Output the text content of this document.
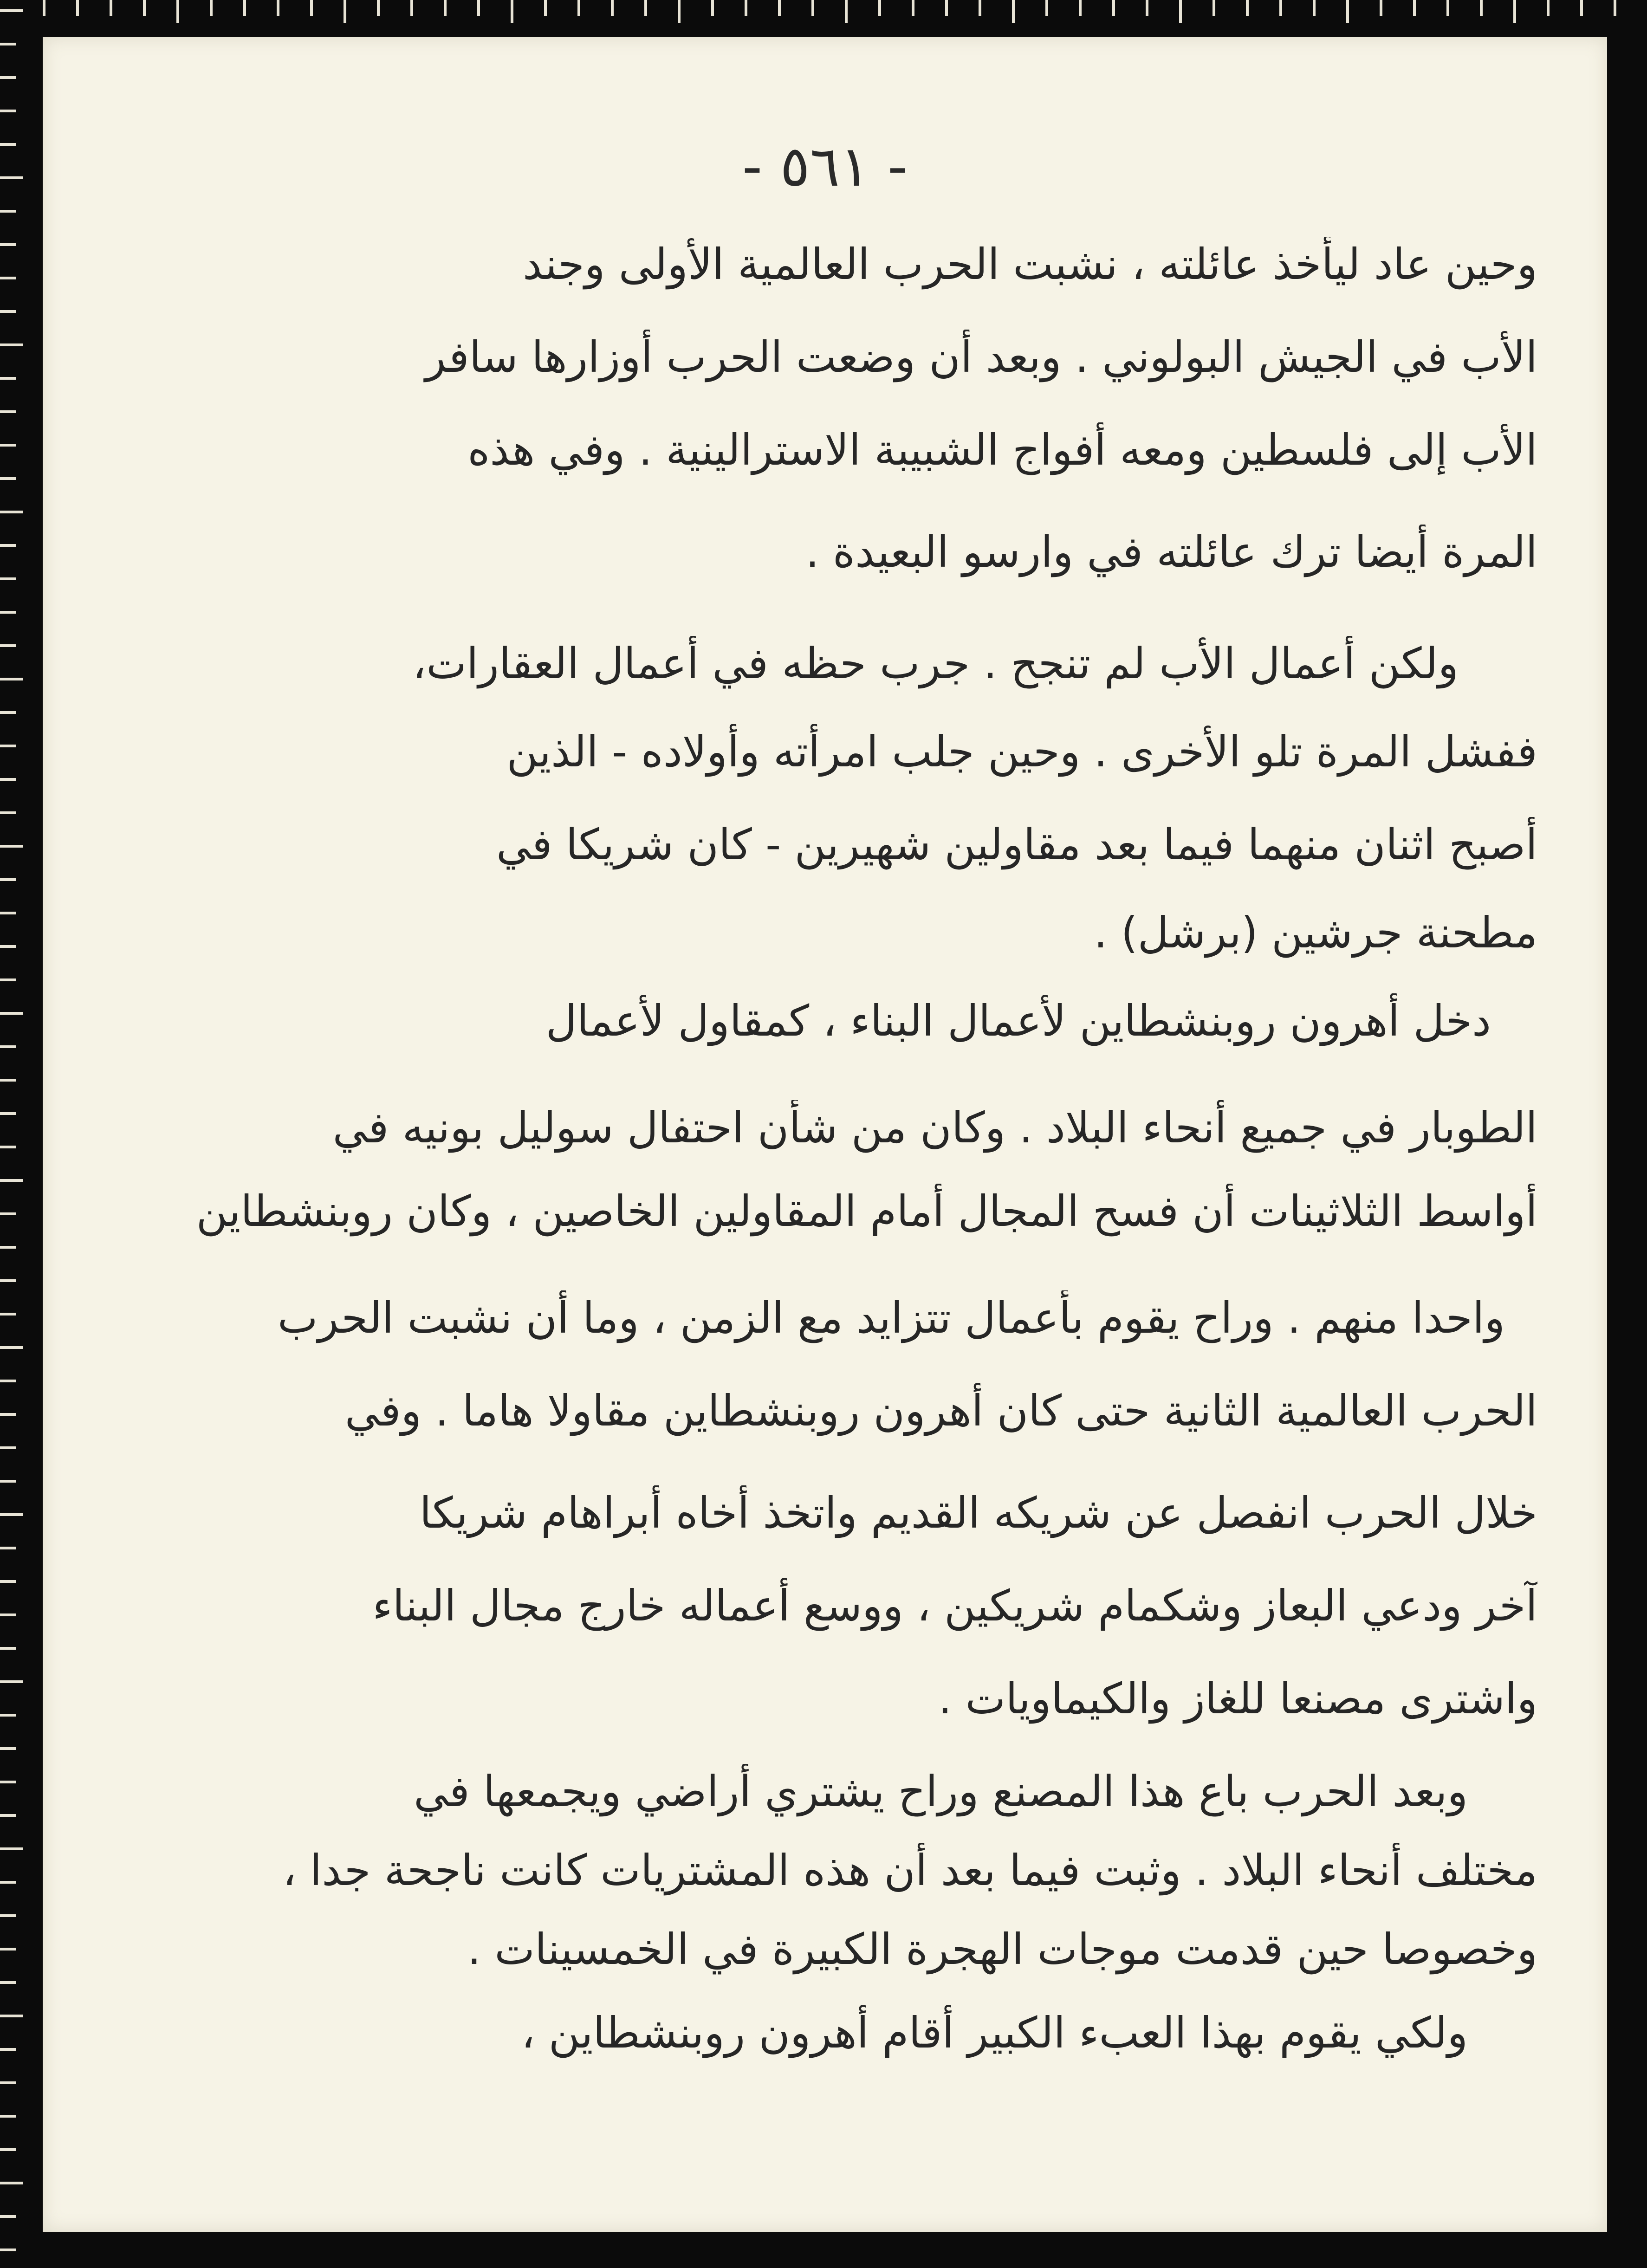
- ٥٦١ -
وحين عاد ليأخذ عائلته ، نشبت الحرب العالمية الأولى وجند
الأب في الجيش البولوني . وبعد أن وضعت الحرب أوزارها سافر
الأب إلى فلسطين ومعه أفواج الشبيبة الاسترالينية . وفي هذه
المرة أيضا ترك عائلته في وارسو البعيدة .
ولكن أعمال الأب لم تنجح . جرب حظه في أعمال العقارات،
ففشل المرة تلو الأخرى . وحين جلب امرأته وأولاده - الذين
أصبح اثنان منهما فيما بعد مقاولين شهيرين - كان شريكا في
مطحنة جرشين (برشل) .
دخل أهرون روبنشطاين لأعمال البناء ، كمقاول لأعمال
الطوبار في جميع أنحاء البلاد . وكان من شأن احتفال سوليل بونيه في
أواسط الثلاثينات أن فسح المجال أمام المقاولين الخاصين ، وكان روبنشطاين
واحدا منهم . وراح يقوم بأعمال تتزايد مع الزمن ، وما أن نشبت الحرب
الحرب العالمية الثانية حتى كان أهرون روبنشطاين مقاولا هاما . وفي
خلال الحرب انفصل عن شريكه القديم واتخذ أخاه أبراهام شريكا
آخر ودعي البعاز وشكمام شريكين ، ووسع أعماله خارج مجال البناء
واشترى مصنعا للغاز والكيماويات .
وبعد الحرب باع هذا المصنع وراح يشتري أراضي ويجمعها في
مختلف أنحاء البلاد . وثبت فيما بعد أن هذه المشتريات كانت ناجحة جدا ،
وخصوصا حين قدمت موجات الهجرة الكبيرة في الخمسينات .
ولكي يقوم بهذا العبء الكبير أقام أهرون روبنشطاين ،
